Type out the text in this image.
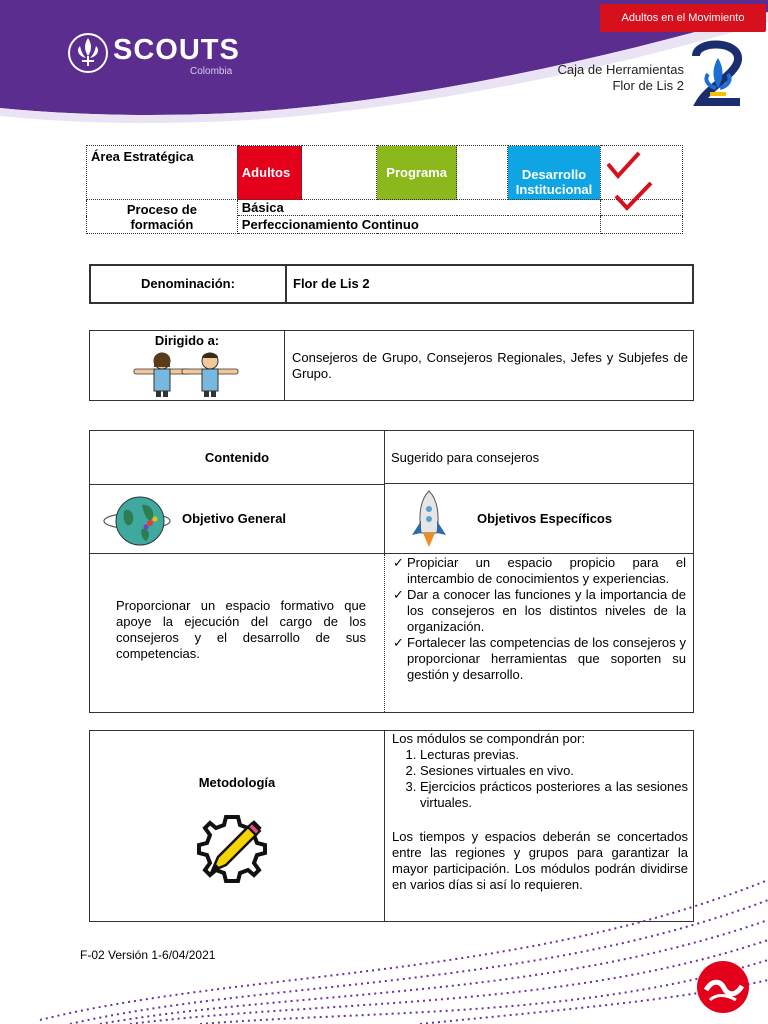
Adultos en el Movimiento
SCOUTS
Colombia	Caja de Herramientas
Flor de Lis 2
Área Estratégica	Adultos		Programa		Desarrollo Institucional	

Proceso de formación	Básica	

	Perfeccionamiento Continuo					
Denominación:	Flor de Lis 2
Dirigido a:
Consejeros de Grupo, Consejeros Regionales, Jefes y Subjefes de Grupo.
Contenido	Sugerido para consejeros
Objetivo General	Objetivos Específicos
Proporcionar un espacio formativo que apoye la ejecución del cargo de los consejeros y el desarrollo de sus competencias.
✓ Propiciar un espacio propicio para el intercambio de conocimientos y experiencias.
✓ Dar a conocer las funciones y la importancia de los consejeros en los distintos niveles de la organización.
✓ Fortalecer las competencias de los consejeros y proporcionar herramientas que soporten su gestión y desarrollo.
Metodología
Los módulos se compondrán por:
1. Lecturas previas.
2. Sesiones virtuales en vivo.
3. Ejercicios prácticos posteriores a las sesiones virtuales.
Los tiempos y espacios deberán se concertados entre las regiones y grupos para garantizar la mayor participación. Los módulos podrán dividirse en varios días si así lo requieren.
F-02 Versión 1-6/04/2021
